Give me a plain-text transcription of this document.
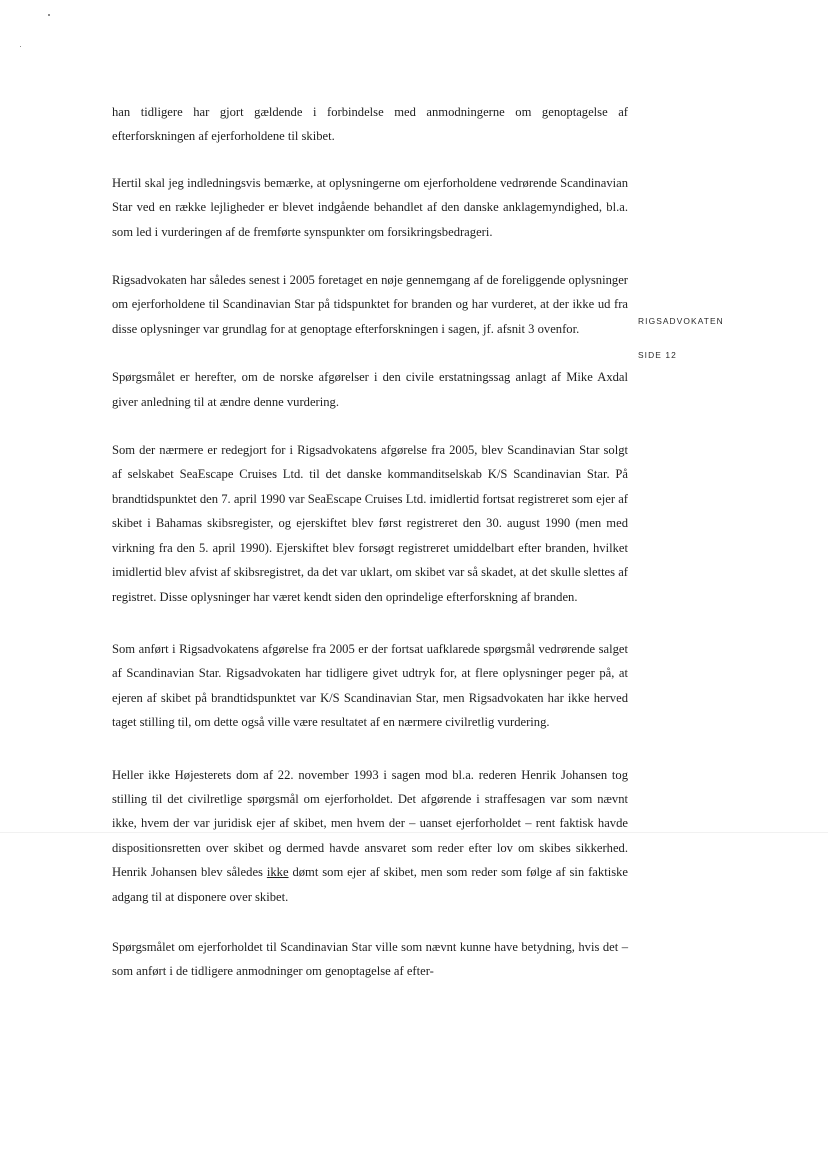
han tidligere har gjort gældende i forbindelse med anmodningerne om genoptagelse af efterforskningen af ejerforholdene til skibet.

Hertil skal jeg indledningsvis bemærke, at oplysningerne om ejerforholdene vedrørende Scandinavian Star ved en række lejligheder er blevet indgående behandlet af den danske anklagemyndighed, bl.a. som led i vurderingen af de fremførte synspunkter om forsikringsbedrageri.

Rigsadvokaten har således senest i 2005 foretaget en nøje gennemgang af de foreliggende oplysninger om ejerforholdene til Scandinavian Star på tidspunktet for branden og har vurderet, at der ikke ud fra disse oplysninger var grundlag for at genoptage efterforskningen i sagen, jf. afsnit 3 ovenfor.

Spørgsmålet er herefter, om de norske afgørelser i den civile erstatningssag anlagt af Mike Axdal giver anledning til at ændre denne vurdering.

Som der nærmere er redegjort for i Rigsadvokatens afgørelse fra 2005, blev Scandinavian Star solgt af selskabet SeaEscape Cruises Ltd. til det danske kommanditselskab K/S Scandinavian Star. På brandtidspunktet den 7. april 1990 var SeaEscape Cruises Ltd. imidlertid fortsat registreret som ejer af skibet i Bahamas skibsregister, og ejerskiftet blev først registreret den 30. august 1990 (men med virkning fra den 5. april 1990). Ejerskiftet blev forsøgt registreret umiddelbart efter branden, hvilket imidlertid blev afvist af skibsregistret, da det var uklart, om skibet var så skadet, at det skulle slettes af registret. Disse oplysninger har været kendt siden den oprindelige efterforskning af branden.

Som anført i Rigsadvokatens afgørelse fra 2005 er der fortsat uafklarede spørgsmål vedrørende salget af Scandinavian Star. Rigsadvokaten har tidligere givet udtryk for, at flere oplysninger peger på, at ejeren af skibet på brandtidspunktet var K/S Scandinavian Star, men Rigsadvokaten har ikke herved taget stilling til, om dette også ville være resultatet af en nærmere civilretlig vurdering.

Heller ikke Højesterets dom af 22. november 1993 i sagen mod bl.a. rederen Henrik Johansen tog stilling til det civilretlige spørgsmål om ejerforholdet. Det afgørende i straffesagen var som nævnt ikke, hvem der var juridisk ejer af skibet, men hvem der – uanset ejerforholdet – rent faktisk havde dispositionsretten over skibet og dermed havde ansvaret som reder efter lov om skibes sikkerhed. Henrik Johansen blev således ikke dømt som ejer af skibet, men som reder som følge af sin faktiske adgang til at disponere over skibet.

Spørgsmålet om ejerforholdet til Scandinavian Star ville som nævnt kunne have betydning, hvis det – som anført i de tidligere anmodninger om genoptagelse af efter-

RIGSADVOKATEN
SIDE 12
